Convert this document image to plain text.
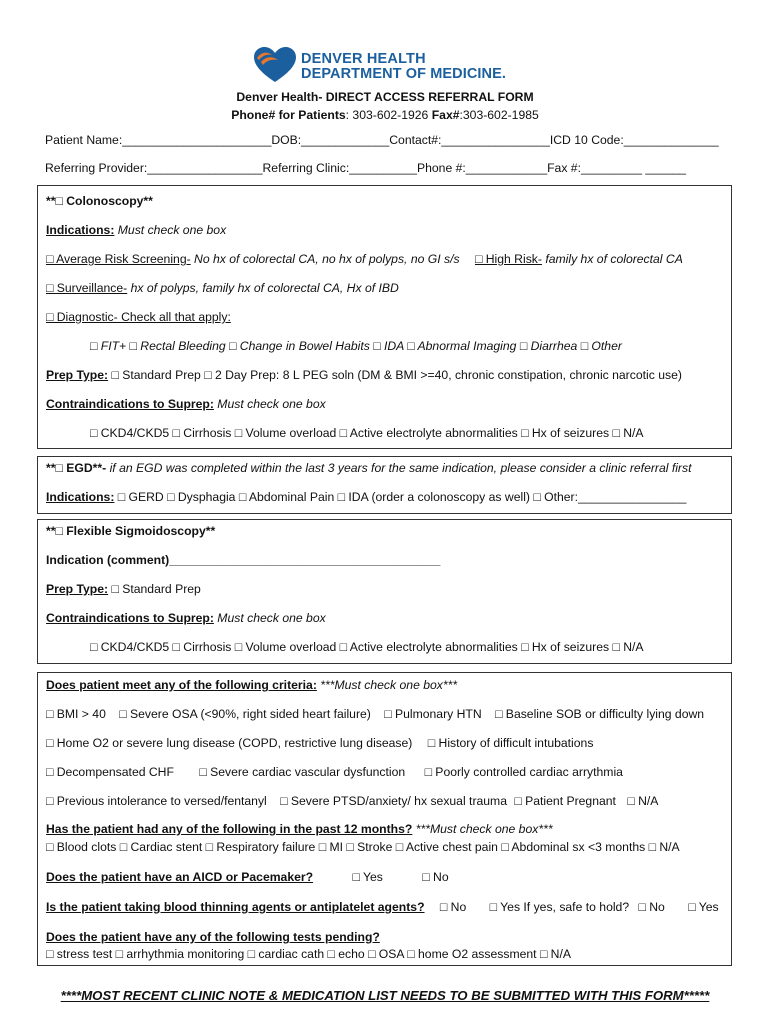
DENVER HEALTH
DEPARTMENT OF MEDICINE.
Denver Health- DIRECT ACCESS REFERRAL FORM
Phone# for Patients: 303-602-1926 Fax#:303-602-1985
Patient Name:______________________DOB:_____________Contact#:________________ICD 10 Code:______________
Referring Provider:_________________Referring Clinic:__________Phone #:____________Fax #:_________ ______
**□ Colonoscopy**
Indications: Must check one box
□ Average Risk Screening- No hx of colorectal CA, no hx of polyps, no GI s/s □ High Risk- family hx of colorectal CA
□ Surveillance- hx of polyps, family hx of colorectal CA, Hx of IBD
□ Diagnostic- Check all that apply:
□ FIT+ □ Rectal Bleeding □ Change in Bowel Habits □ IDA □ Abnormal Imaging □ Diarrhea □ Other
Prep Type: □ Standard Prep □ 2 Day Prep: 8 L PEG soln (DM & BMI >=40, chronic constipation, chronic narcotic use)
Contraindications to Suprep: Must check one box
□ CKD4/CKD5 □ Cirrhosis □ Volume overload □ Active electrolyte abnormalities □ Hx of seizures □ N/A
**□ EGD**- if an EGD was completed within the last 3 years for the same indication, please consider a clinic referral first
Indications: □ GERD □ Dysphagia □ Abdominal Pain □ IDA (order a colonoscopy as well) □ Other:________________
**□ Flexible Sigmoidoscopy**
Indication (comment)________________________________________
Prep Type: □ Standard Prep
Contraindications to Suprep: Must check one box
□ CKD4/CKD5 □ Cirrhosis □ Volume overload □ Active electrolyte abnormalities □ Hx of seizures □ N/A
Does patient meet any of the following criteria: ***Must check one box***
□ BMI > 40 □ Severe OSA (<90%, right sided heart failure) □ Pulmonary HTN □ Baseline SOB or difficulty lying down
□ Home O2 or severe lung disease (COPD, restrictive lung disease) □ History of difficult intubations
□ Decompensated CHF □ Severe cardiac vascular dysfunction □ Poorly controlled cardiac arrythmia
□ Previous intolerance to versed/fentanyl □ Severe PTSD/anxiety/ hx sexual trauma □ Patient Pregnant □ N/A
Has the patient had any of the following in the past 12 months? ***Must check one box***
□ Blood clots □ Cardiac stent □ Respiratory failure □ MI □ Stroke □ Active chest pain □ Abdominal sx <3 months □ N/A
Does the patient have an AICD or Pacemaker?	□ Yes	□ No
Is the patient taking blood thinning agents or antiplatelet agents? □ No □ Yes If yes, safe to hold? □ No □ Yes
Does the patient have any of the following tests pending?
□ stress test □ arrhythmia monitoring □ cardiac cath □ echo □ OSA □ home O2 assessment □ N/A
****MOST RECENT CLINIC NOTE & MEDICATION LIST NEEDS TO BE SUBMITTED WITH THIS FORM*****
